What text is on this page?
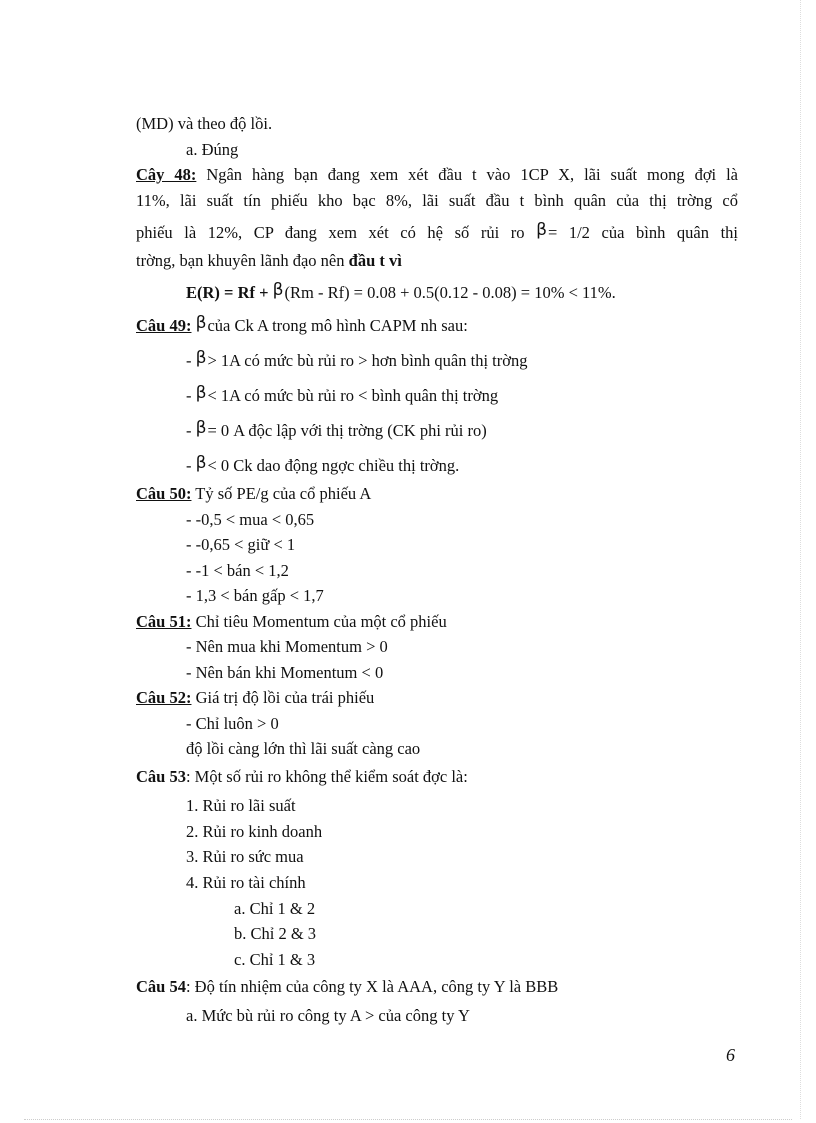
(MD) và theo độ lồi.
a. Đúng
Cây 48: Ngân hàng bạn đang xem xét đầu t vào 1CP X, lãi suất mong đợi là
11%, lãi suất tín phiếu kho bạc 8%, lãi suất đầu t bình quân của thị trờng cổ
phiếu là 12%, CP đang xem xét có hệ số rủi ro β= 1/2 của bình quân thị
trờng, bạn khuyên lãnh đạo nên đầu t vì
E(R) = Rf + β(Rm - Rf) = 0.08 + 0.5(0.12 - 0.08) = 10% < 11%.
Câu 49: βcủa Ck A trong mô hình CAPM nh sau:
- β> 1A có mức bù rủi ro > hơn bình quân thị trờng
- β< 1A có mức bù rủi ro < bình quân thị trờng
- β= 0 A độc lập với thị trờng (CK phi rủi ro)
- β< 0 Ck dao động ngợc chiều thị trờng.
Câu 50: Tỷ số PE/g của cổ phiếu A
- -0,5 < mua < 0,65
- -0,65 < giữ < 1
- -1 < bán < 1,2
- 1,3 < bán gấp < 1,7
Câu 51: Chỉ tiêu Momentum của một cổ phiếu
- Nên mua khi Momentum > 0
- Nên bán khi Momentum < 0
Câu 52: Giá trị độ lồi của trái phiếu
- Chỉ luôn > 0
độ lồi càng lớn thì lãi suất càng cao
Câu 53: Một số rủi ro không thể kiểm soát đợc là:
1. Rủi ro lãi suất
2. Rủi ro kinh doanh
3. Rủi ro sức mua
4. Rủi ro tài chính
a. Chỉ 1 & 2
b. Chỉ 2 & 3
c. Chỉ 1 & 3
Câu 54: Độ tín nhiệm của công ty X là AAA, công ty Y là BBB
a. Mức bù rủi ro công ty A > của công ty Y
6
